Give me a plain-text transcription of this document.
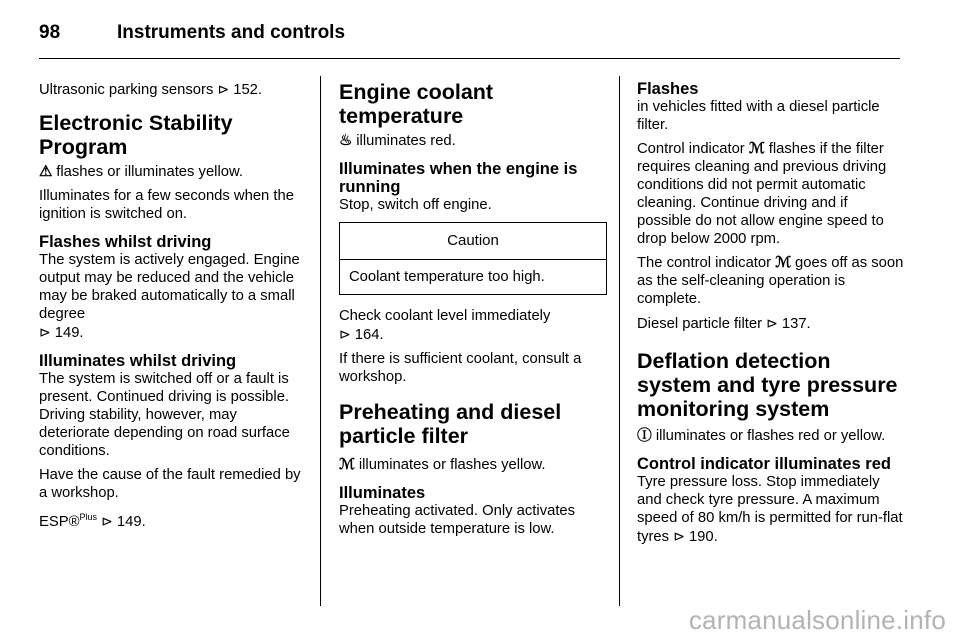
98	Instruments and controls

Ultrasonic parking sensors ⊳ 152.

Electronic Stability Program

⚠ flashes or illuminates yellow.

Illuminates for a few seconds when the ignition is switched on.

Flashes whilst driving

The system is actively engaged. Engine output may be reduced and the vehicle may be braked automatically to a small degree
⊳ 149.

Illuminates whilst driving

The system is switched off or a fault is present. Continued driving is possible. Driving stability, however, may deteriorate depending on road surface conditions.

Have the cause of the fault remedied by a workshop.

ESP®$^{Plus}$ ⊳ 149.

Engine coolant temperature

♨ illuminates red.

Illuminates when the engine is running

Stop, switch off engine.

Caution
Coolant temperature too high.

Check coolant level immediately
⊳ 164.

If there is sufficient coolant, consult a workshop.

Preheating and diesel particle filter

ℳ illuminates or flashes yellow.

Illuminates

Preheating activated. Only activates when outside temperature is low.

Flashes

in vehicles fitted with a diesel particle filter.

Control indicator ℳ flashes if the filter requires cleaning and previous driving conditions did not permit automatic cleaning. Continue driving and if possible do not allow engine speed to drop below 2000 rpm.

The control indicator ℳ goes off as soon as the self-cleaning operation is complete.

Diesel particle filter ⊳ 137.

Deflation detection system and tyre pressure monitoring system

Ⓘ illuminates or flashes red or yellow.

Control indicator illuminates red

Tyre pressure loss. Stop immediately and check tyre pressure. A maximum speed of 80 km/h is permitted for run-flat tyres ⊳ 190.

carmanualsonline.info
